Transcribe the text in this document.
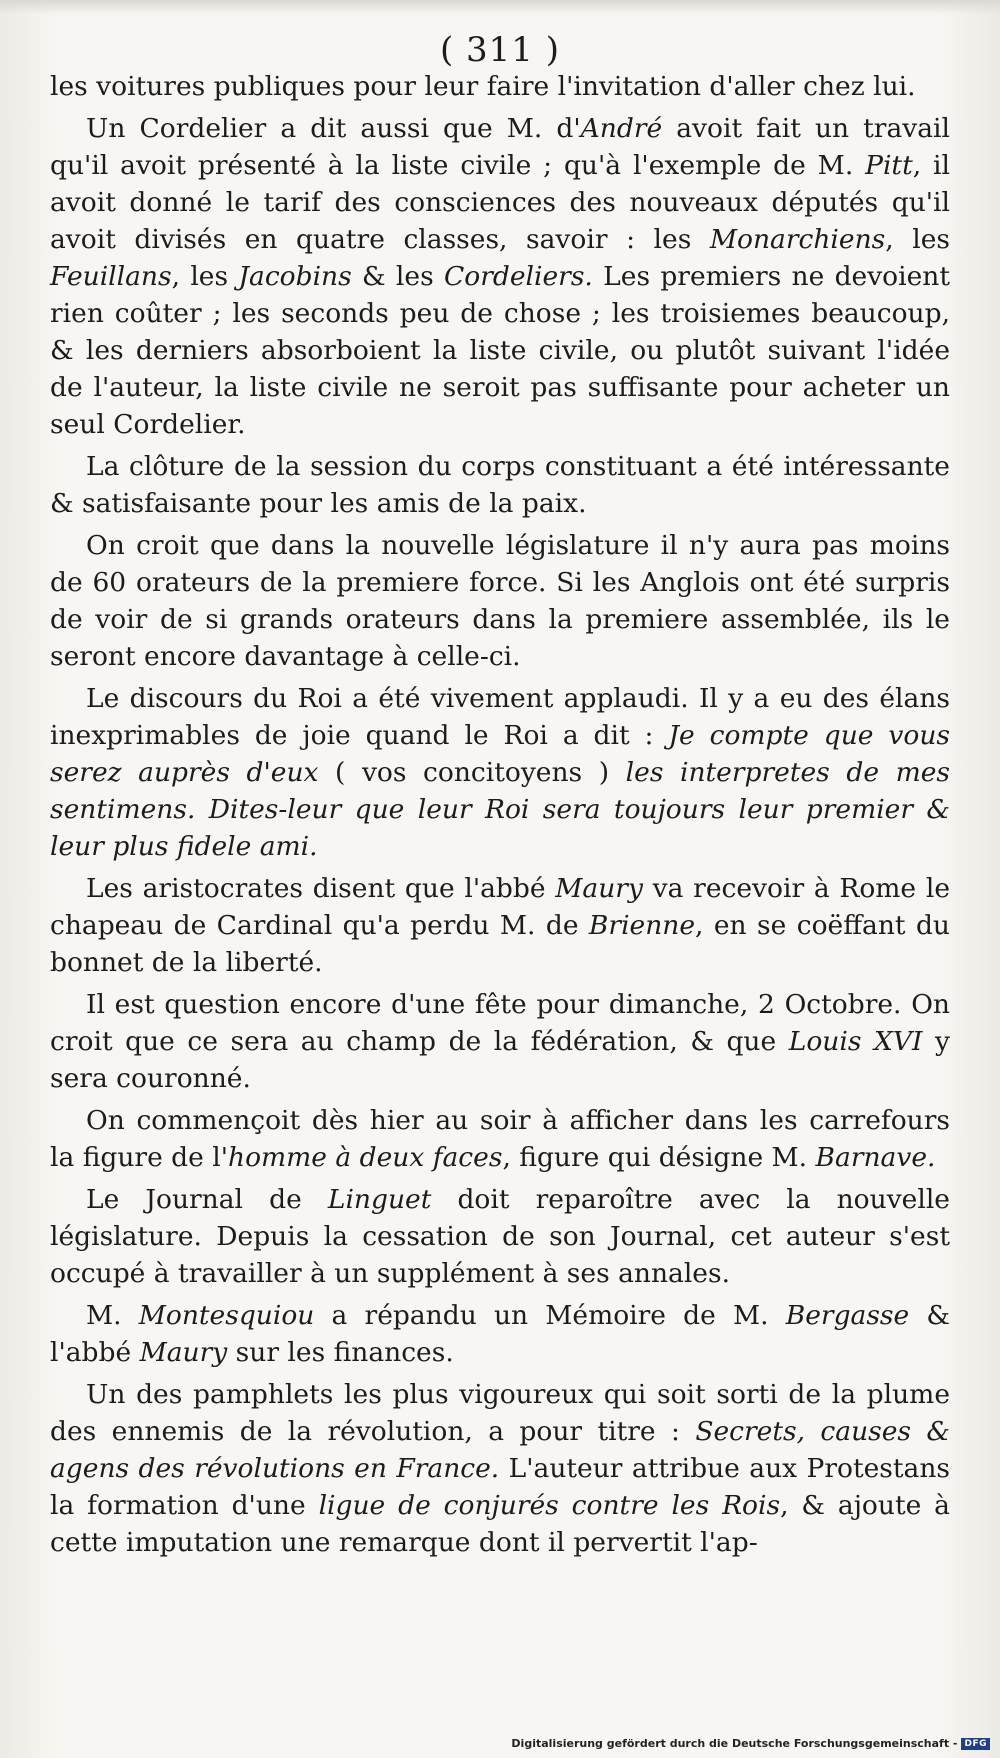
( 311 )

les voitures publiques pour leur faire l'invitation d'aller chez lui.

Un Cordelier a dit aussi que M. d'André avoit fait un travail qu'il avoit présenté à la liste civile ; qu'à l'exemple de M. Pitt, il avoit donné le tarif des consciences des nouveaux députés qu'il avoit divisés en quatre classes, savoir : les Monarchiens, les Feuillans, les Jacobins & les Cordeliers. Les premiers ne devoient rien coûter ; les seconds peu de chose ; les troisiemes beaucoup, & les derniers absorboient la liste civile, ou plutôt suivant l'idée de l'auteur, la liste civile ne seroit pas suffisante pour acheter un seul Cordelier.

La clôture de la session du corps constituant a été intéressante & satisfaisante pour les amis de la paix.

On croit que dans la nouvelle législature il n'y aura pas moins de 60 orateurs de la premiere force. Si les Anglois ont été surpris de voir de si grands orateurs dans la premiere assemblée, ils le seront encore davantage à celle-ci.

Le discours du Roi a été vivement applaudi. Il y a eu des élans inexprimables de joie quand le Roi a dit : Je compte que vous serez auprès d'eux ( vos concitoyens ) les interpretes de mes sentimens. Dites-leur que leur Roi sera toujours leur premier & leur plus fidele ami.

Les aristocrates disent que l'abbé Maury va recevoir à Rome le chapeau de Cardinal qu'a perdu M. de Brienne, en se coëffant du bonnet de la liberté.

Il est question encore d'une fête pour dimanche, 2 Octobre. On croit que ce sera au champ de la fédération, & que Louis XVI y sera couronné.

On commençoit dès hier au soir à afficher dans les carrefours la figure de l'homme à deux faces, figure qui désigne M. Barnave.

Le Journal de Linguet doit reparoître avec la nouvelle législature. Depuis la cessation de son Journal, cet auteur s'est occupé à travailler à un supplément à ses annales.

M. Montesquiou a répandu un Mémoire de M. Bergasse & l'abbé Maury sur les finances.

Un des pamphlets les plus vigoureux qui soit sorti de la plume des ennemis de la révolution, a pour titre : Secrets, causes & agens des révolutions en France. L'auteur attribue aux Protestans la formation d'une ligue de conjurés contre les Rois, & ajoute à cette imputation une remarque dont il pervertit l'ap-

Digitalisierung gefördert durch die Deutsche Forschungsgemeinschaft - DFG
